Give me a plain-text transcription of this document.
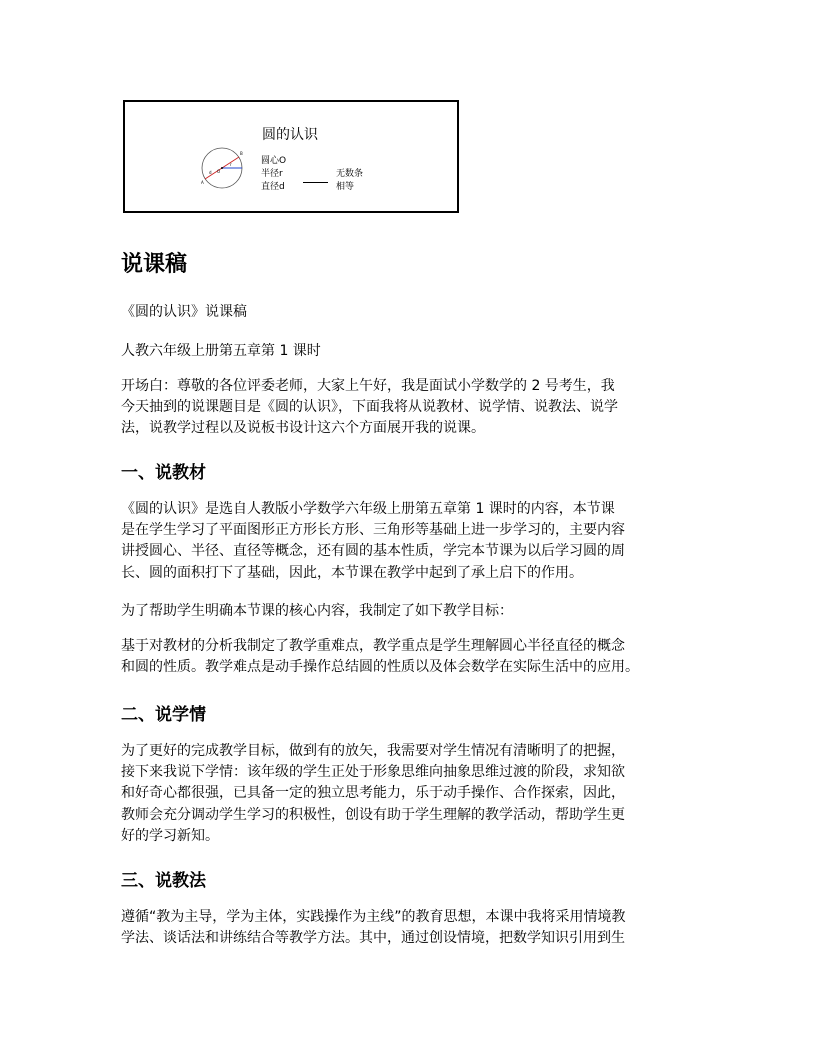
圆的认识
O
r
d
A
B
圆心O
半径r
直径d
无数条
相等
说课稿

《圆的认识》说课稿

人教六年级上册第五章第 1 课时

开场白：尊敬的各位评委老师，大家上午好，我是面试小学数学的 2 号考生，我
今天抽到的说课题目是《圆的认识》，下面我将从说教材、说学情、说教法、说学
法，说教学过程以及说板书设计这六个方面展开我的说课。

一、说教材

《圆的认识》是选自人教版小学数学六年级上册第五章第 1 课时的内容，本节课
是在学生学习了平面图形正方形长方形、三角形等基础上进一步学习的，主要内容
讲授圆心、半径、直径等概念，还有圆的基本性质，学完本节课为以后学习圆的周
长、圆的面积打下了基础，因此，本节课在教学中起到了承上启下的作用。

为了帮助学生明确本节课的核心内容，我制定了如下教学目标：

基于对教材的分析我制定了教学重难点，教学重点是学生理解圆心半径直径的概念
和圆的性质。教学难点是动手操作总结圆的性质以及体会数学在实际生活中的应用。

二、说学情

为了更好的完成教学目标，做到有的放矢，我需要对学生情况有清晰明了的把握，
接下来我说下学情：该年级的学生正处于形象思维向抽象思维过渡的阶段，求知欲
和好奇心都很强，已具备一定的独立思考能力，乐于动手操作、合作探索，因此，
教师会充分调动学生学习的积极性，创设有助于学生理解的教学活动，帮助学生更
好的学习新知。

三、说教法

遵循“教为主导，学为主体，实践操作为主线”的教育思想，本课中我将采用情境教
学法、谈话法和讲练结合等教学方法。其中，通过创设情境，把数学知识引用到生
